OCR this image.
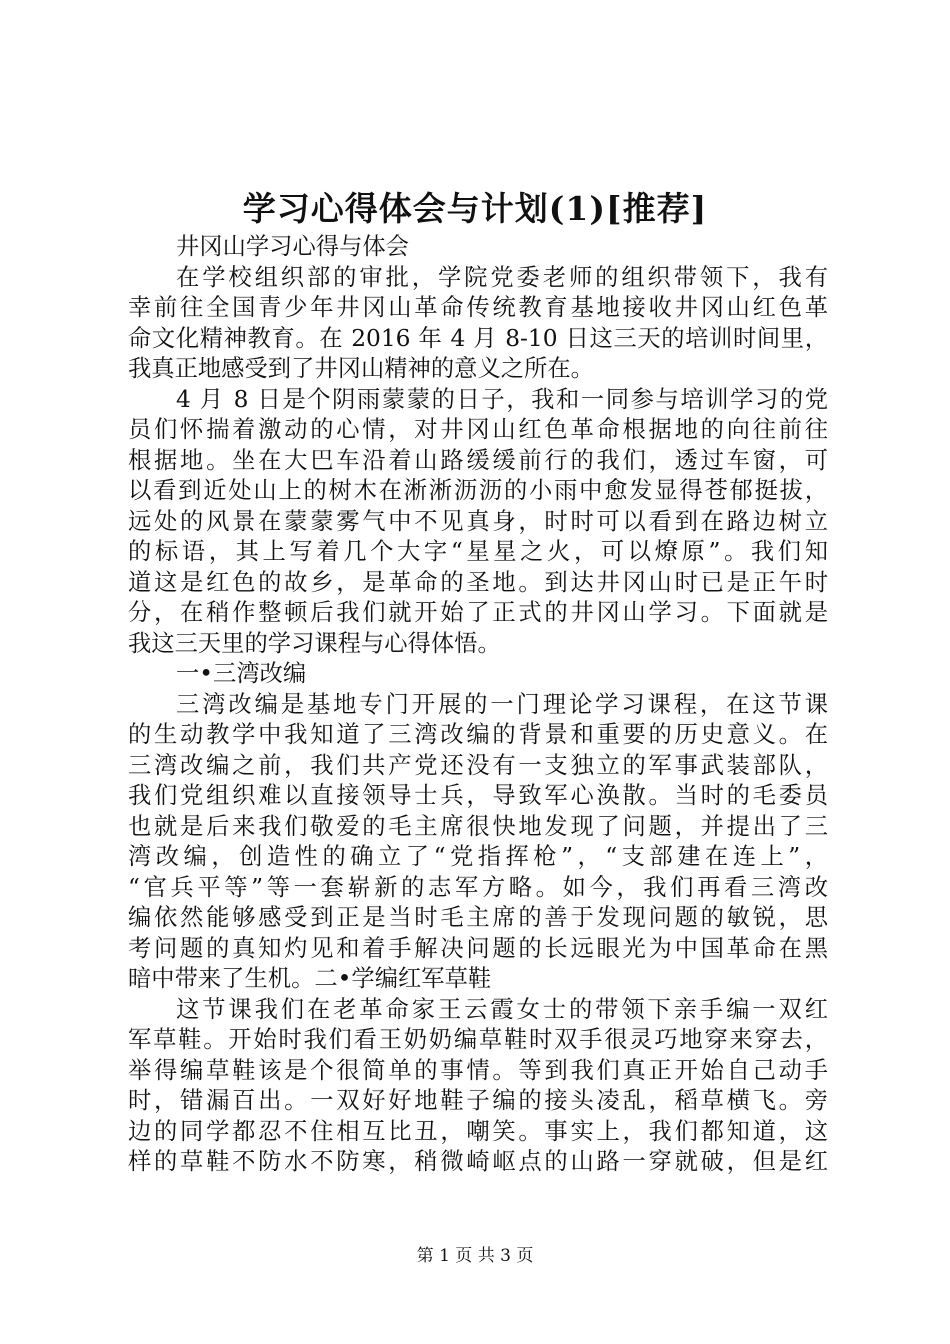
学习心得体会与计划(1)[推荐]
井冈山学习心得与体会
在学校组织部的审批，学院党委老师的组织带领下，我有
幸前往全国青少年井冈山革命传统教育基地接收井冈山红色革
命文化精神教育。在 2016 年 4 月 8-10 日这三天的培训时间里，
我真正地感受到了井冈山精神的意义之所在。
4 月 8 日是个阴雨蒙蒙的日子，我和一同参与培训学习的党
员们怀揣着激动的心情，对井冈山红色革命根据地的向往前往
根据地。坐在大巴车沿着山路缓缓前行的我们，透过车窗，可
以看到近处山上的树木在淅淅沥沥的小雨中愈发显得苍郁挺拔，
远处的风景在蒙蒙雾气中不见真身，时时可以看到在路边树立
的标语，其上写着几个大字“星星之火，可以燎原”。我们知
道这是红色的故乡，是革命的圣地。到达井冈山时已是正午时
分，在稍作整顿后我们就开始了正式的井冈山学习。下面就是
我这三天里的学习课程与心得体悟。
一•三湾改编
三湾改编是基地专门开展的一门理论学习课程，在这节课
的生动教学中我知道了三湾改编的背景和重要的历史意义。在
三湾改编之前，我们共产党还没有一支独立的军事武装部队，
我们党组织难以直接领导士兵，导致军心涣散。当时的毛委员
也就是后来我们敬爱的毛主席很快地发现了问题，并提出了三
湾改编，创造性的确立了“党指挥枪”，“支部建在连上”，
“官兵平等”等一套崭新的志军方略。如今，我们再看三湾改
编依然能够感受到正是当时毛主席的善于发现问题的敏锐，思
考问题的真知灼见和着手解决问题的长远眼光为中国革命在黑
暗中带来了生机。二•学编红军草鞋
这节课我们在老革命家王云霞女士的带领下亲手编一双红
军草鞋。开始时我们看王奶奶编草鞋时双手很灵巧地穿来穿去，
举得编草鞋该是个很简单的事情。等到我们真正开始自己动手
时，错漏百出。一双好好地鞋子编的接头凌乱，稻草横飞。旁
边的同学都忍不住相互比丑，嘲笑。事实上，我们都知道，这
样的草鞋不防水不防寒，稍微崎岖点的山路一穿就破，但是红
第 1 页 共 3 页
